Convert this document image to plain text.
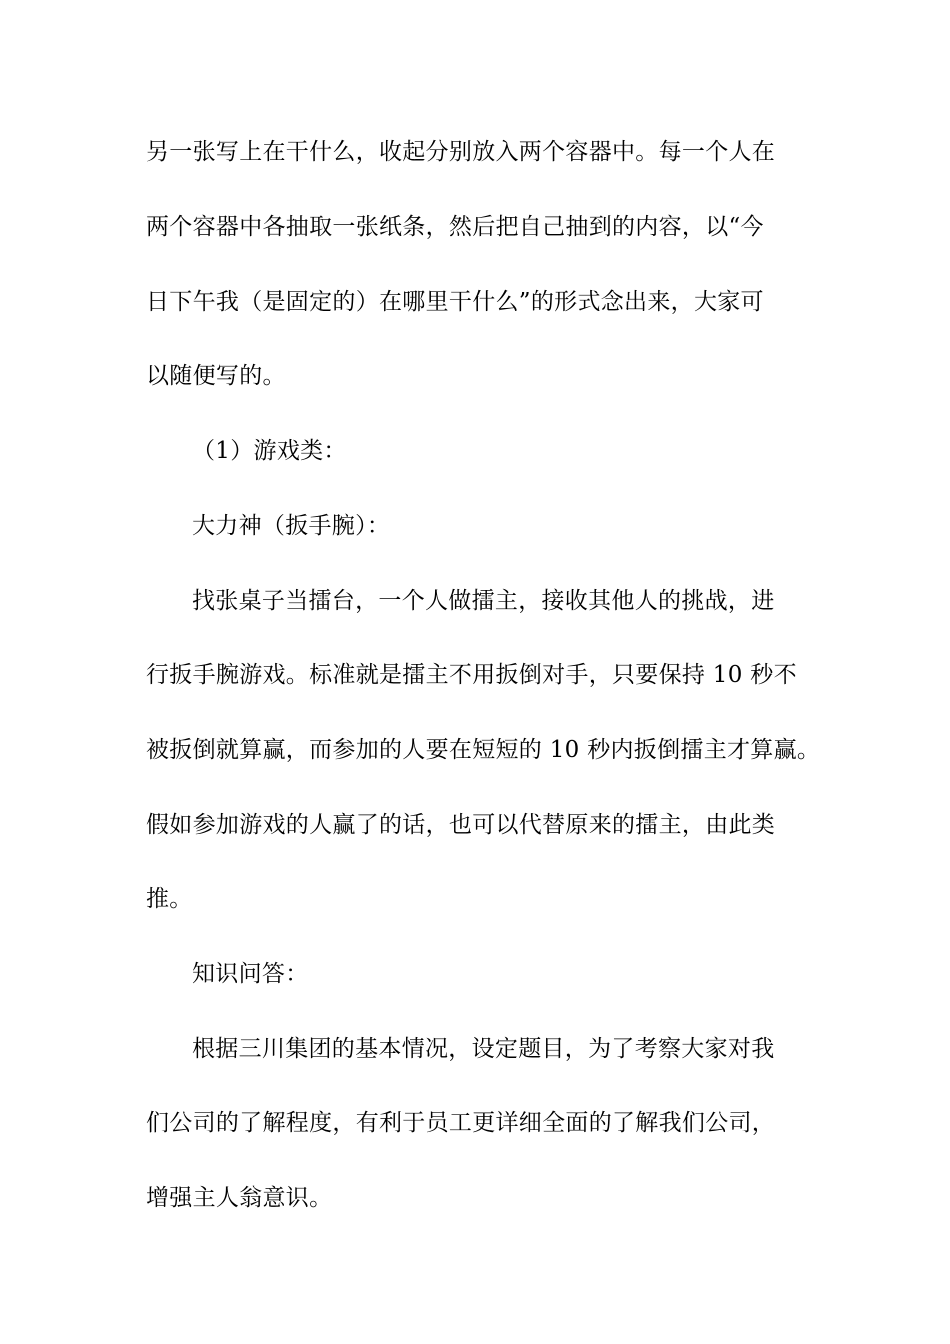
另一张写上在干什么，收起分别放入两个容器中。每一个人在
两个容器中各抽取一张纸条，然后把自己抽到的内容，以“今
日下午我（是固定的）在哪里干什么”的形式念出来，大家可
以随便写的。
（1）游戏类：
大力神（扳手腕）：
找张桌子当擂台，一个人做擂主，接收其他人的挑战，进
行扳手腕游戏。标准就是擂主不用扳倒对手，只要保持 10 秒不
被扳倒就算赢，而参加的人要在短短的 10 秒内扳倒擂主才算赢。
假如参加游戏的人赢了的话，也可以代替原来的擂主，由此类
推。
知识问答：
根据三川集团的基本情况，设定题目，为了考察大家对我
们公司的了解程度，有利于员工更详细全面的了解我们公司，
增强主人翁意识。
